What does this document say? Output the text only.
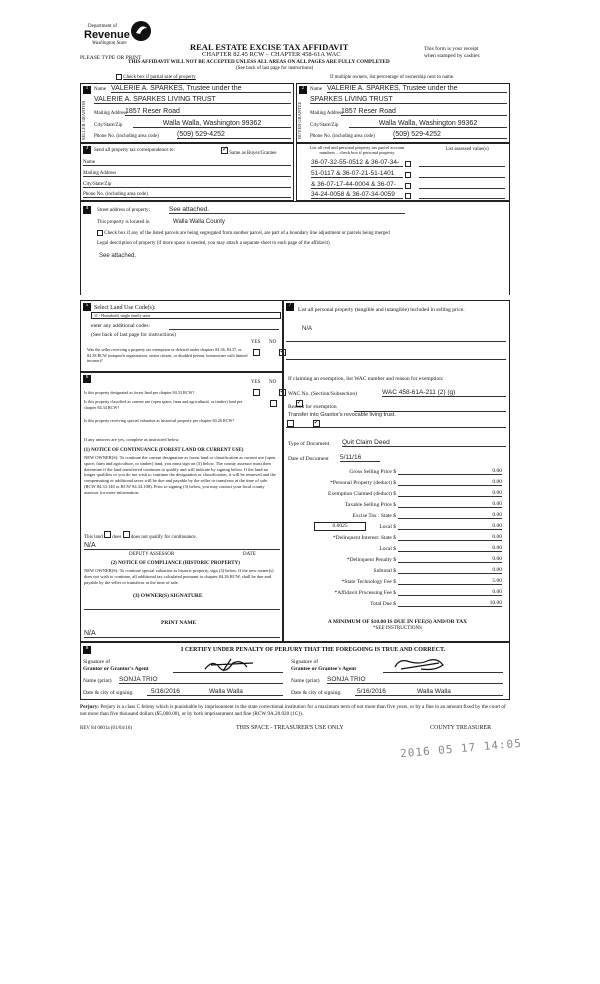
Department of
Revenue
Washington State	REAL ESTATE EXCISE TAX AFFIDAVIT
CHAPTER 82.45 RCW – CHAPTER 458-61A WAC
THIS AFFIDAVIT WILL NOT BE ACCEPTED UNLESS ALL AREAS ON ALL PAGES ARE FULLY COMPLETED
(See back of last page for instructions)
PLEASE TYPE OR PRINT
This form is your receipt
when stamped by cashier.
Check box if partial sale of property	If multiple owners, list percentage of ownership next to name.
1
SELLER GRANTOR
Name VALERIE A. SPARKES, Trustee under the
VALERIE A. SPARKES LIVING TRUST
Mailing Address
1857 Reser Road
City/State/Zip	Walla Walla, Washington 99362
Phone No. (including area code)	(509) 529-4252
2
BUYER GRANTEE
Name VALERIE A. SPARKES, Trustee under the
SPARKES LIVING TRUST
Mailing Address
1857 Reser Road
City/State/Zip	Walla Walla, Washington 99362
Phone No. (including area code)	(509) 529-4252
3	Send all property tax correspondence to:
✓ Same as Buyer/Grantee
Name
Mailing Address
City/State/Zip
Phone No. (including area code)
List all real and personal property tax parcel account numbers – check box if personal property
List assessed value(s)
36-07-32-55-0512 & 36-07-34-
51-0117 & 36-07-21-51-1401
& 36-07-17-44-0004 & 36-07-
34-24-0058 & 36-07-34-0059
4	Street address of property:	See attached.
This property is located in	Walla Walla County
Check box if any of the listed parcels are being segregated from another parcel, are part of a boundary line adjustment or parcels being merged
Legal description of property (if more space is needed, you may attach a separate sheet to each page of the affidavit)
See attached.
5 Select Land Use Code(s):
11 - Household, single family units
enter any additional codes:
(See back of last page for instructions)
YES NO
Was the seller receiving a property tax exemption or deferral under chapters 84.36, 84.37, or 84.38 RCW (nonprofit organization, senior citizen, or disabled person, homeowner with limited income)?
✓
6
YES NO
Is this property designated as forest land per chapter 84.33 RCW?
✓
Is this property classified as current use (open space, farm and agricultural, or timber) land per chapter 84.34 RCW?
✓
Is this property receiving special valuation as historical property per chapter 84.26 RCW?
✓
If any answers are yes, complete as instructed below.
(1) NOTICE OF CONTINUANCE (FOREST LAND OR CURRENT USE)
NEW OWNER(S): To continue the current designation as forest land or classification as current use (open space, farm and agriculture, or timber) land, you must sign on (3) below. The county assessor must then determine if the land transferred continues to qualify and will indicate by signing below. If the land no longer qualifies or you do not wish to continue the designation or classification, it will be removed and the compensating or additional taxes will be due and payable by the seller or transferor at the time of sale. (RCW 84.33.140 or RCW 84.34.108). Prior to signing (3) below, you may contact your local county assessor for more information.
This land does does not qualify for continuance.
N/A
DEPUTY ASSESSOR	DATE
(2) NOTICE OF COMPLIANCE (HISTORIC PROPERTY)
NEW OWNER(S): To continue special valuation as historic property, sign (3) below. If the new owner(s) does not wish to continue, all additional tax calculated pursuant to chapter 84.26 RCW, shall be due and payable by the seller or transferor at the time of sale.
(3) OWNER(S) SIGNATURE
PRINT NAME
N/A
7
List all personal property (tangible and intangible) included in selling price.
N/A
If claiming an exemption, list WAC number and reason for exemption:
WAC No. (Section/Subsection)	WAC 458-61A-211 (2) (g)
Reason for exemption
Transfer into Grantor's revocable living trust.
Type of Document Quit Claim Deed
Date of Document 5/11/16
Gross Selling Price $	0.00
*Personal Property (deduct) $	0.00
Exemption Claimed (deduct) $	0.00
Taxable Selling Price $	0.00
Excise Tax : State $	0.00
0.0025	Local $	0.00
*Delinquent Interest: State $	0.00
Local $	0.00
*Delinquent Penalty $	0.00
Subtotal $	0.00
*State Technology Fee $	5.00
*Affidavit Processing Fee $	0.00
Total Due $	10.00
A MINIMUM OF $10.00 IS DUE IN FEE(S) AND/OR TAX
*SEE INSTRUCTIONS
8	I CERTIFY UNDER PENALTY OF PERJURY THAT THE FOREGOING IS TRUE AND CORRECT.
Signature of
Grantor or Grantor's Agent
Name (print) SONJA TRIO
Date & city of signing:	5/16/2016	Walla Walla
Signature of
Grantee or Grantee's Agent
Name (print) SONJA TRIO
Date & city of signing: 5/16/2016	Walla Walla
Perjury: Perjury is a class C felony which is punishable by imprisonment in the state correctional institution for a maximum term of not more than five years, or by a fine in an amount fixed by the court of not more than five thousand dollars ($5,000.00), or by both imprisonment and fine (RCW 9A.20.020 (1C)).
REV 84 0001a (01/04/16)	THIS SPACE - TREASURER'S USE ONLY	COUNTY TREASURER
2016 05 17 14:05
